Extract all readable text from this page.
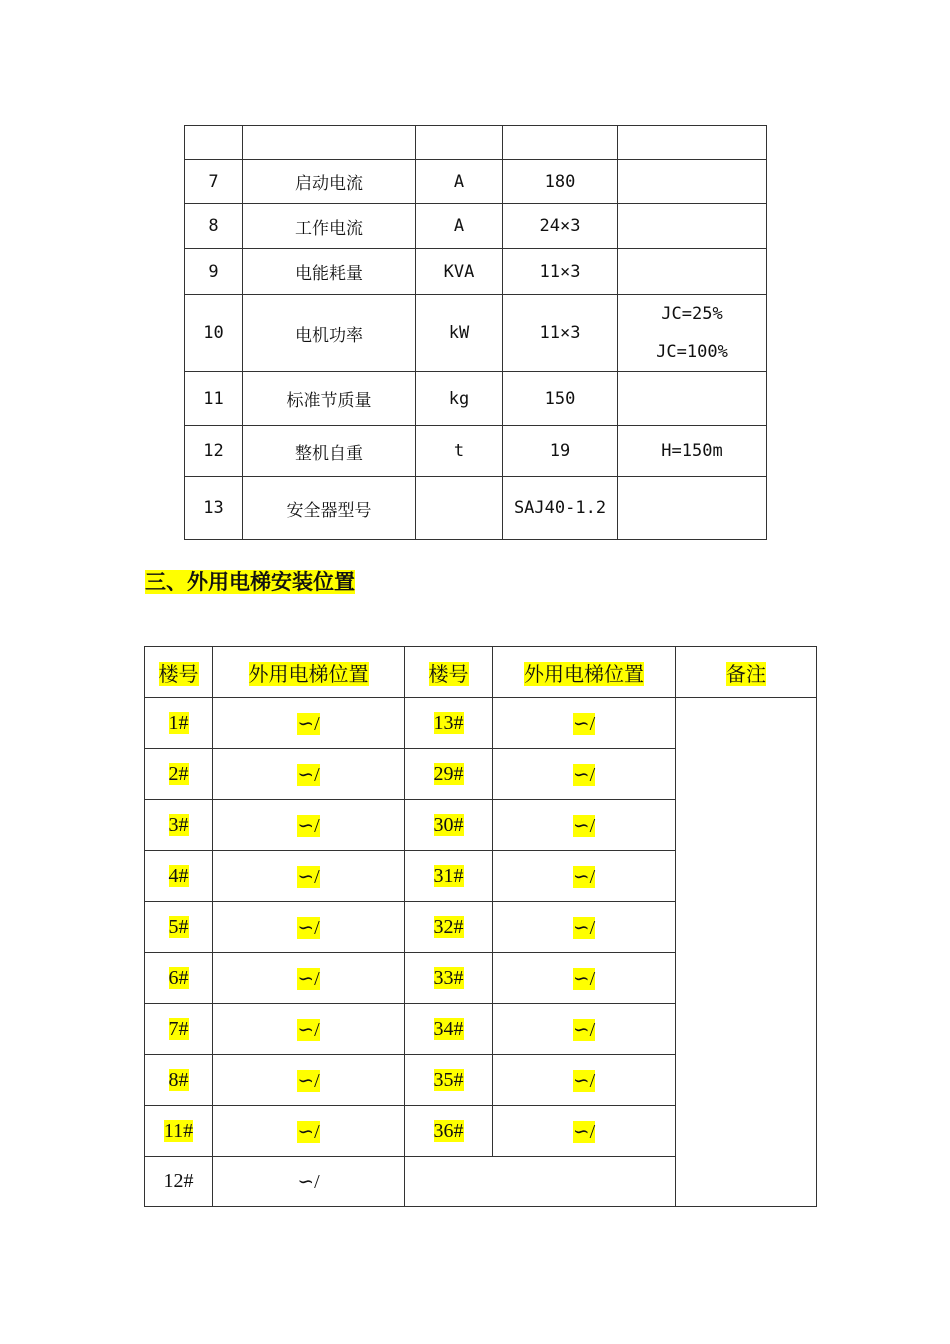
7	启动电流	A	180	
8	工作电流	A	24×3	
9	电能耗量	KVA	11×3	
10	电机功率	kW	11×3	JC=25%
JC=100%

11	标准节质量	kg	150	
12	整机自重	t	19	H=150m
13	安全器型号		SAJ40-1.2	
三、外用电梯安装位置
楼号	外用电梯位置	楼号	外用电梯位置	备注
1#	∽/	13#	∽/	
2#	∽/	29#	∽/	
3#	∽/	30#	∽/	
4#	∽/	31#	∽/	
5#	∽/	32#	∽/	
6#	∽/	33#	∽/	
7#	∽/	34#	∽/	
8#	∽/	35#	∽/	
11#	∽/	36#	∽/	
12#	∽/			
